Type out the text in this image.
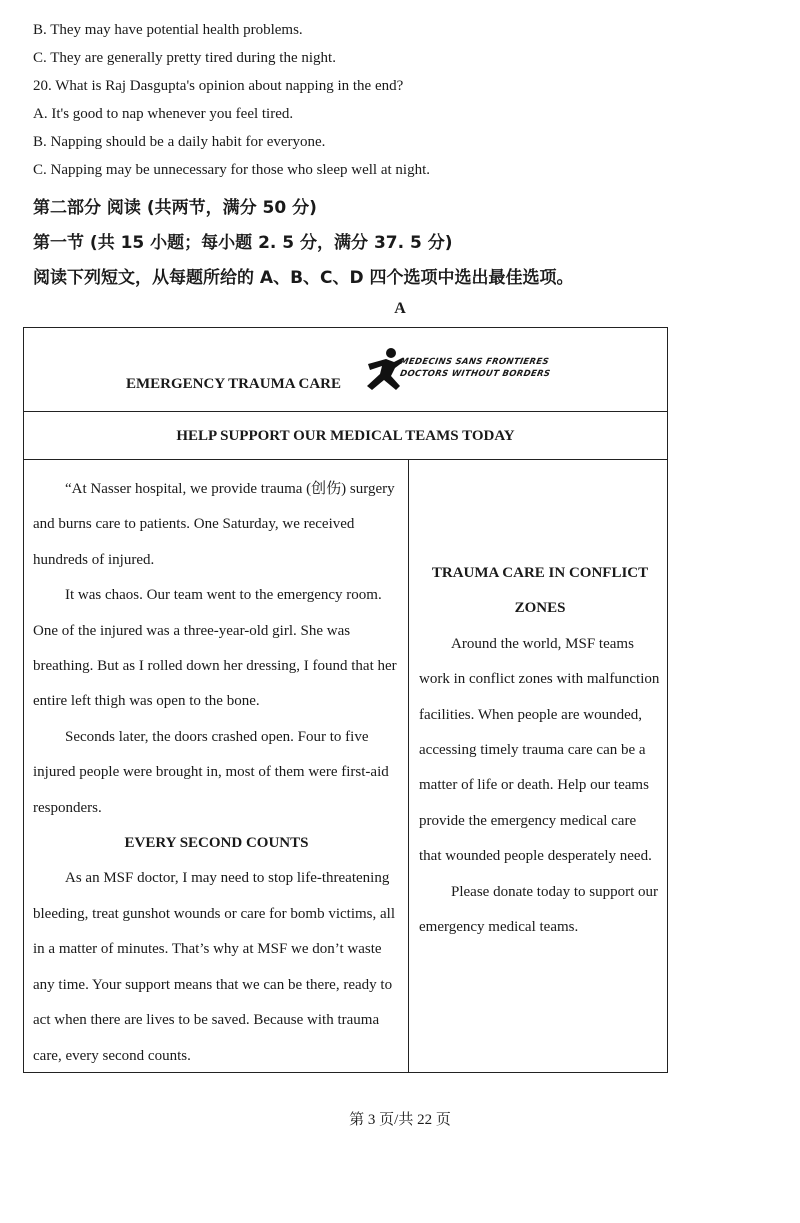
B. They may have potential health problems.
C. They are generally pretty tired during the night.
20. What is Raj Dasgupta's opinion about napping in the end?
A. It's good to nap whenever you feel tired.
B. Napping should be a daily habit for everyone.
C. Napping may be unnecessary for those who sleep well at night.
第二部分 阅读 (共两节，满分 50 分)
第一节 (共 15 小题；每小题 2. 5 分，满分 37. 5 分)
阅读下列短文，从每题所给的 A、B、C、D 四个选项中选出最佳选项。
A
EMERGENCY TRAUMA CARE
MEDECINS SANS FRONTIERES
DOCTORS WITHOUT BORDERS
HELP SUPPORT OUR MEDICAL TEAMS TODAY

“At Nasser hospital, we provide trauma (创伤) surgery and burns care to patients. One Saturday, we received hundreds of injured.

It was chaos. Our team went to the emergency room. One of the injured was a three-year-old girl. She was breathing. But as I rolled down her dressing, I found that her entire left thigh was open to the bone.

Seconds later, the doors crashed open. Four to five injured people were brought in, most of them were first-aid responders.

EVERY SECOND COUNTS

As an MSF doctor, I may need to stop life-threatening bleeding, treat gunshot wounds or care for bomb victims, all in a matter of minutes. That’s why at MSF we don’t waste any time. Your support means that we can be there, ready to act when there are lives to be saved. Because with trauma care, every second counts.

TRAUMA CARE IN CONFLICT ZONES

Around the world, MSF teams work in conflict zones with malfunction facilities. When people are wounded, accessing timely trauma care can be a matter of life or death. Help our teams provide the emergency medical care that wounded people desperately need.

Please donate today to support our emergency medical teams.

第 3 页/共 22 页
